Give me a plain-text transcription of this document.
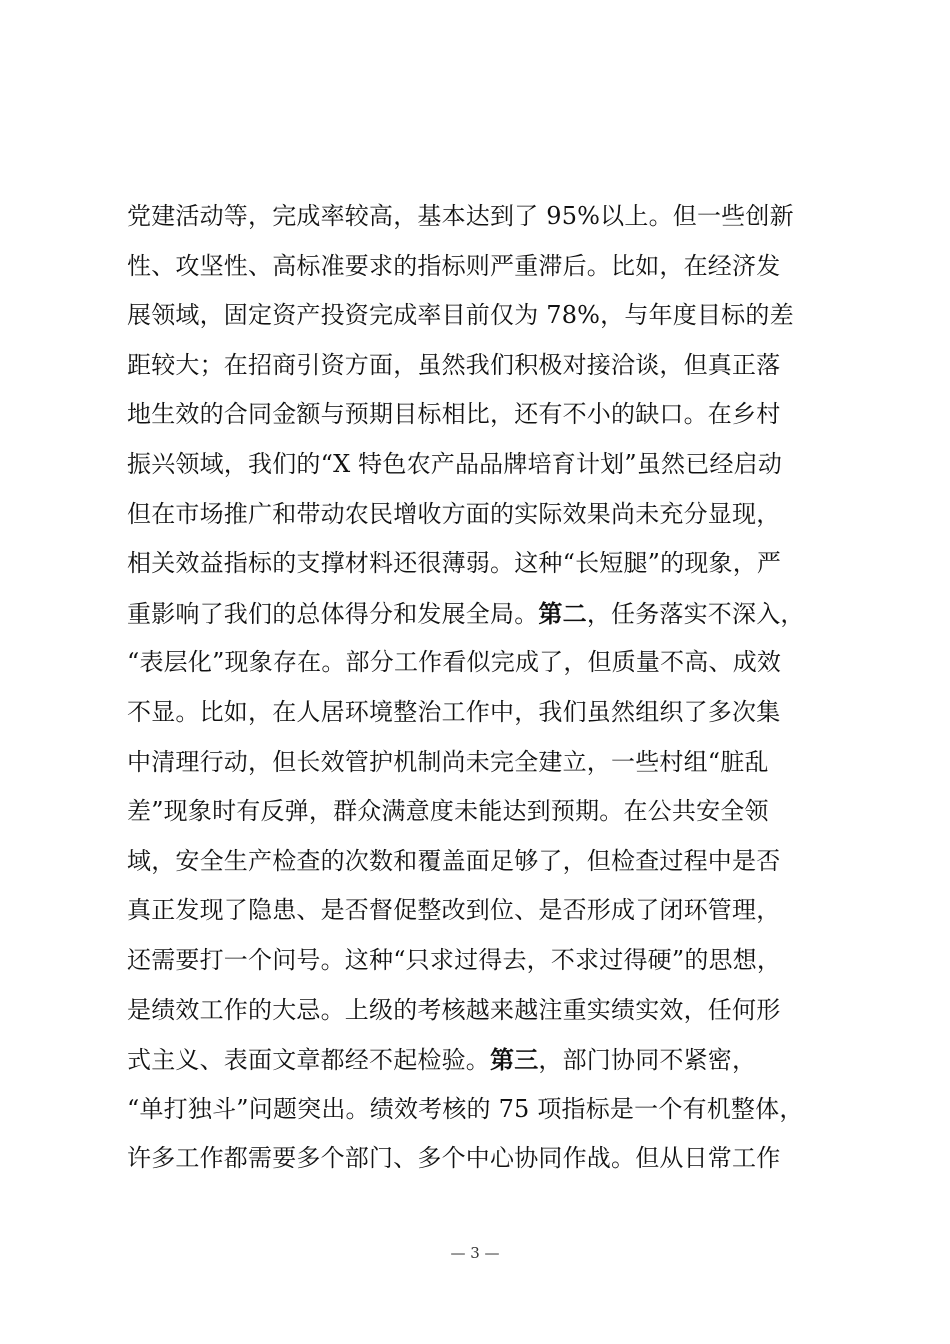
党建活动等，完成率较高，基本达到了 95%以上。但一些创新
性、攻坚性、高标准要求的指标则严重滞后。比如，在经济发
展领域，固定资产投资完成率目前仅为 78%，与年度目标的差
距较大；在招商引资方面，虽然我们积极对接洽谈，但真正落
地生效的合同金额与预期目标相比，还有不小的缺口。在乡村
振兴领域，我们的“X 特色农产品品牌培育计划”虽然已经启动
但在市场推广和带动农民增收方面的实际效果尚未充分显现，
相关效益指标的支撑材料还很薄弱。这种“长短腿”的现象，严
重影响了我们的总体得分和发展全局。第二，任务落实不深入，
“表层化”现象存在。部分工作看似完成了，但质量不高、成效
不显。比如，在人居环境整治工作中，我们虽然组织了多次集
中清理行动，但长效管护机制尚未完全建立，一些村组“脏乱
差”现象时有反弹，群众满意度未能达到预期。在公共安全领
域，安全生产检查的次数和覆盖面足够了，但检查过程中是否
真正发现了隐患、是否督促整改到位、是否形成了闭环管理，
还需要打一个问号。这种“只求过得去，不求过得硬”的思想，
是绩效工作的大忌。上级的考核越来越注重实绩实效，任何形
式主义、表面文章都经不起检验。第三，部门协同不紧密，
“单打独斗”问题突出。绩效考核的 75 项指标是一个有机整体，
许多工作都需要多个部门、多个中心协同作战。但从日常工作
— 3 —
